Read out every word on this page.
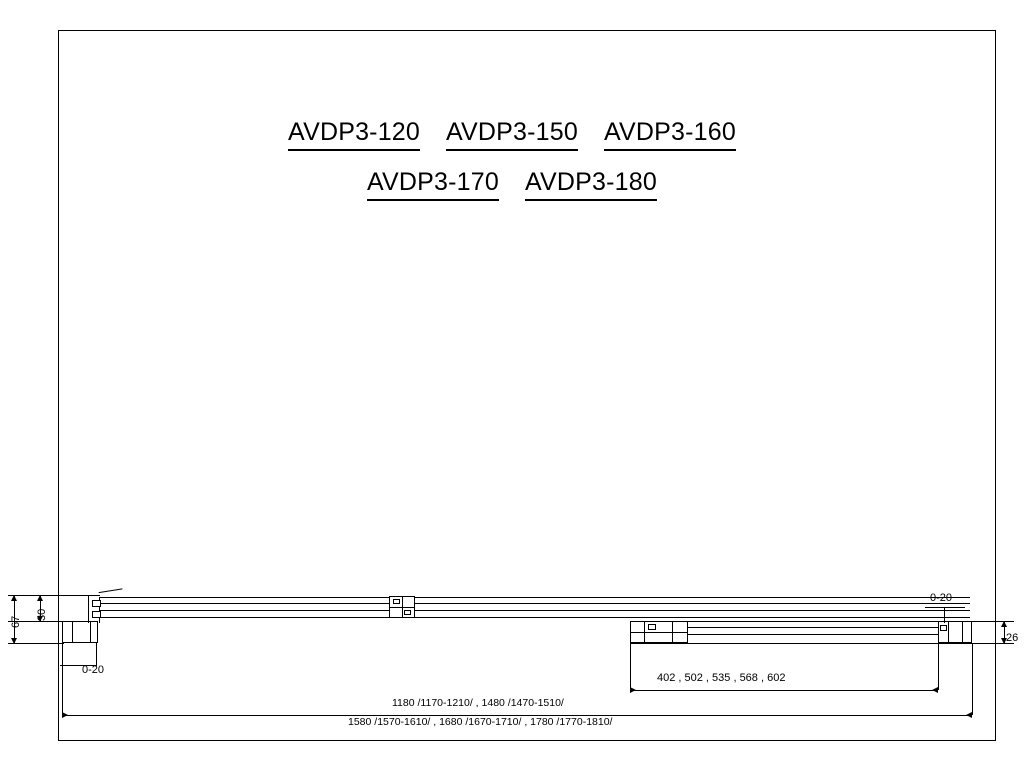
AVDP3-120 AVDP3-150 AVDP3-160
AVDP3-170 AVDP3-180
67
30
0-20
0-20
26
402 , 502 , 535 , 568 , 602
1180 /1170-1210/ , 1480 /1470-1510/
1580 /1570-1610/ , 1680 /1670-1710/ , 1780 /1770-1810/
